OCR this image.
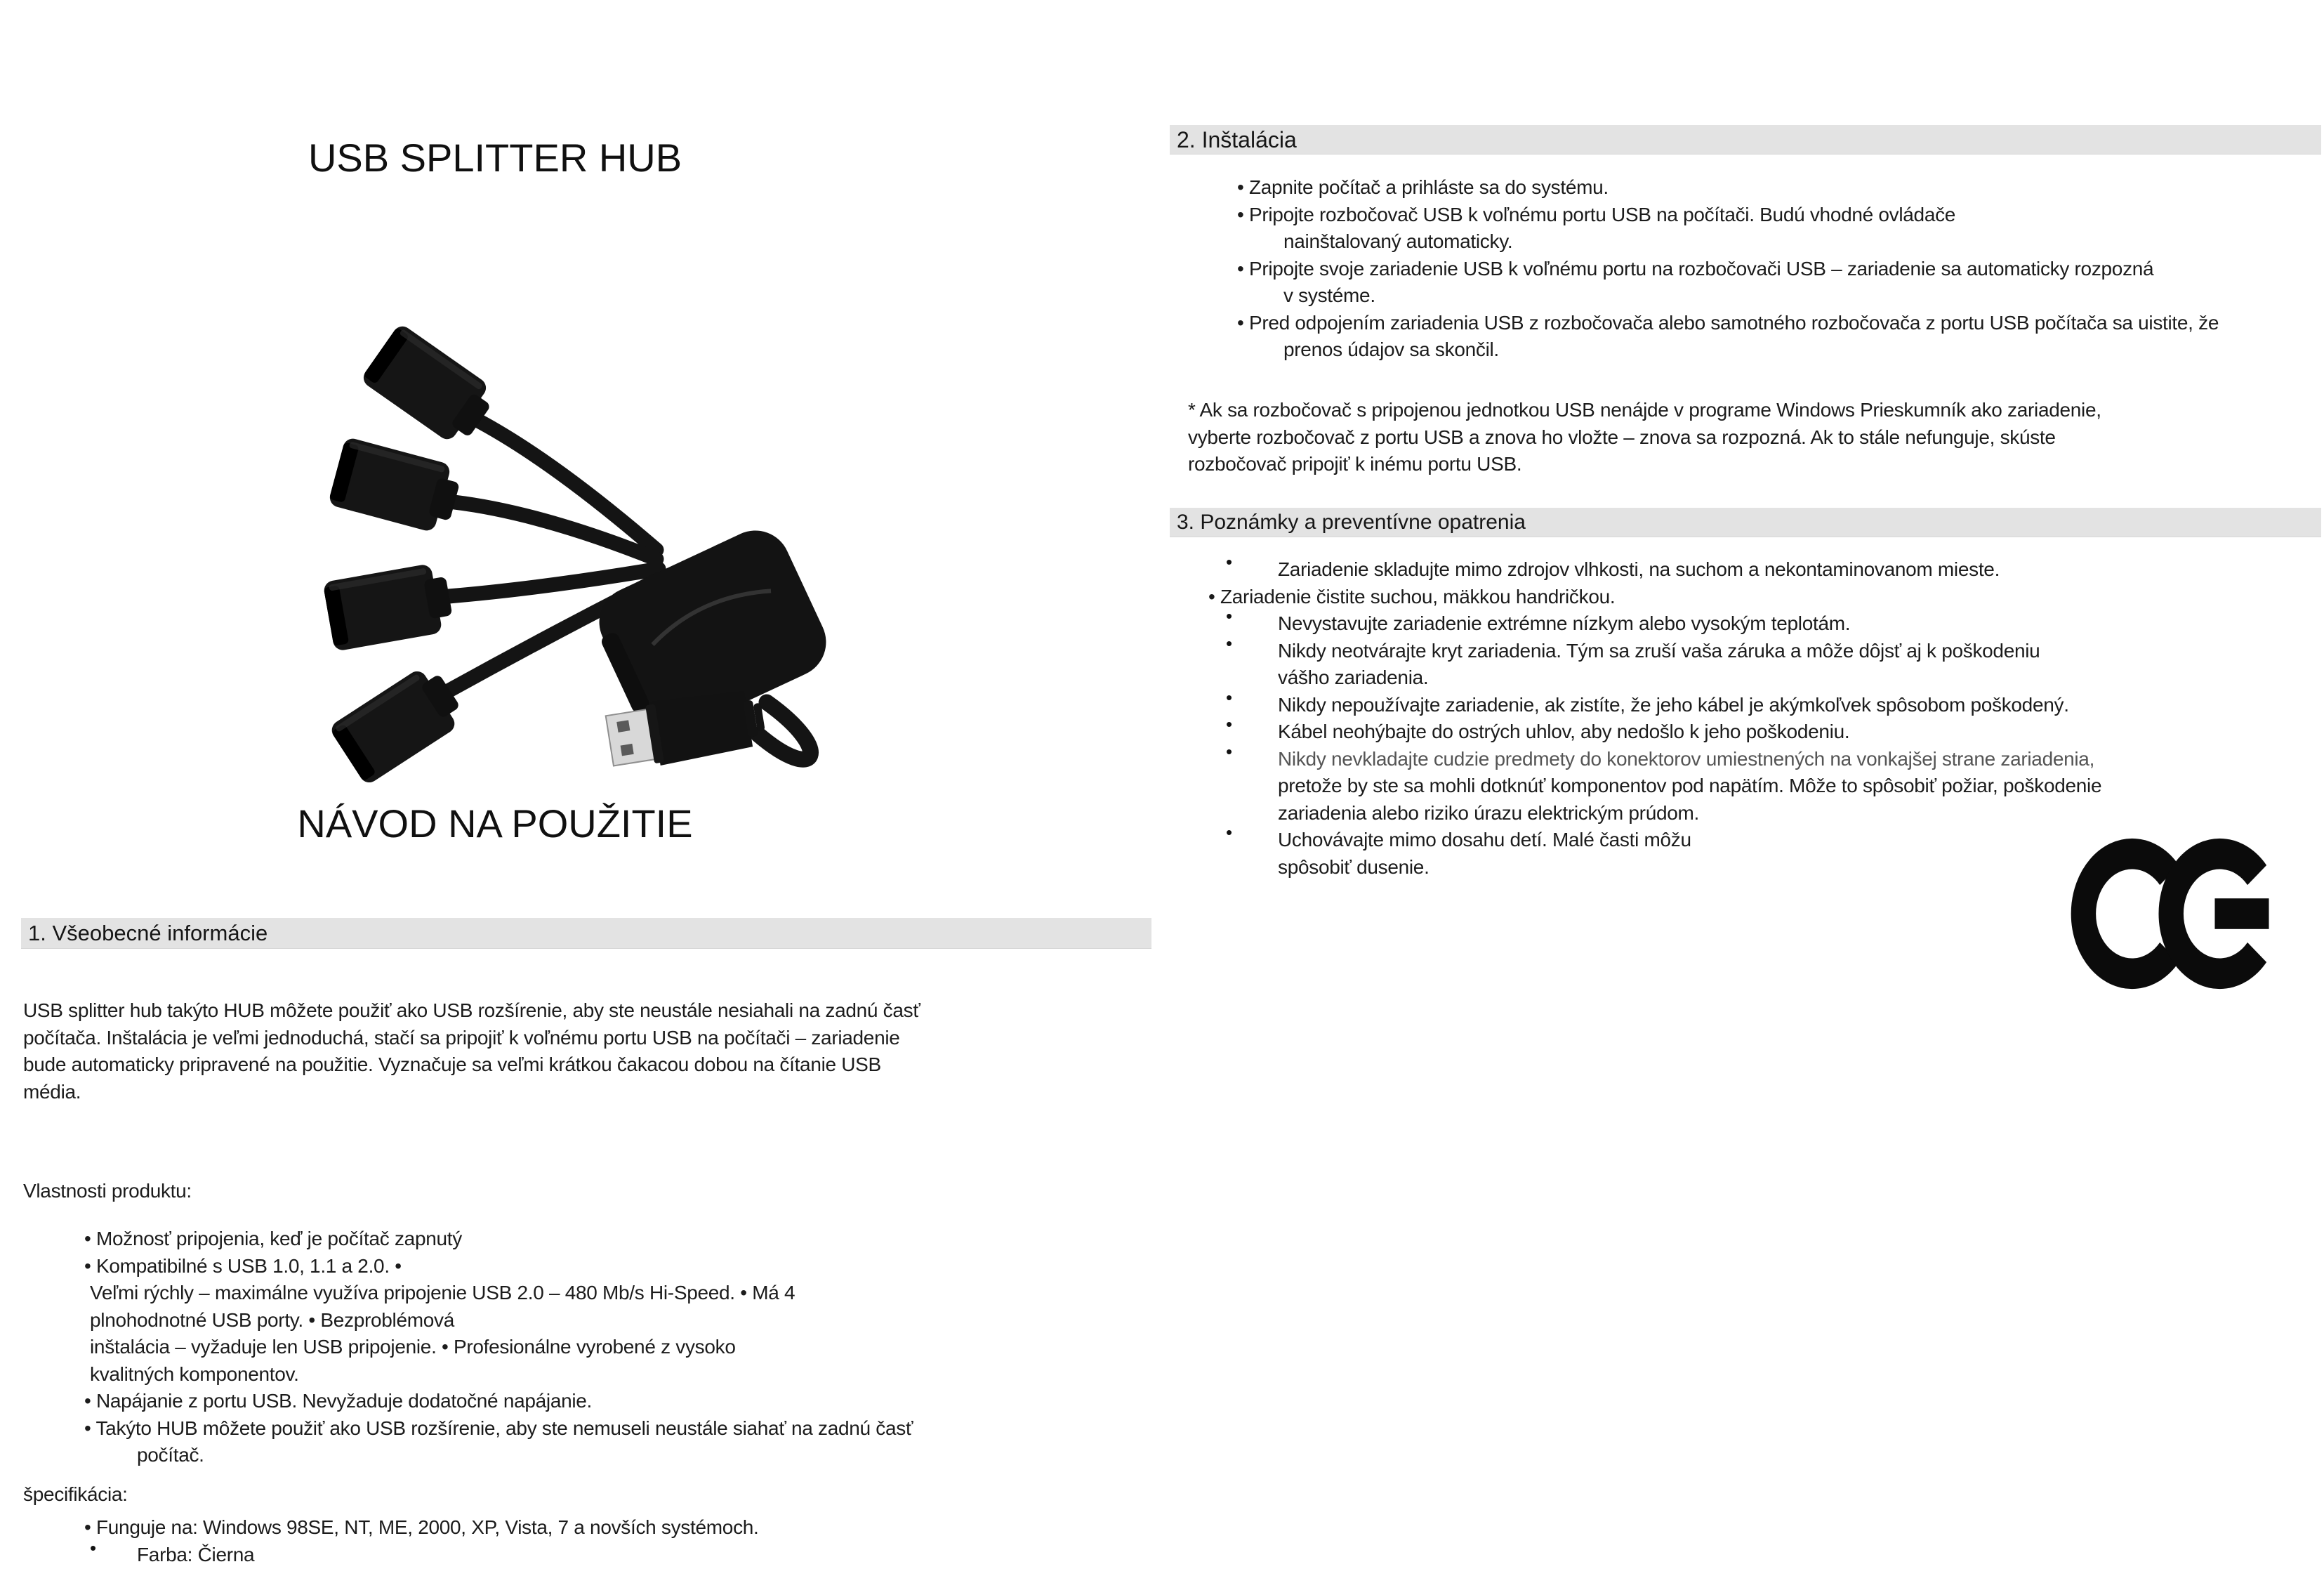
USB SPLITTER HUB
NÁVOD NA POUŽITIE
1. Všeobecné informácie
USB splitter hub takýto HUB môžete použiť ako USB rozšírenie, aby ste neustále nesiahali na zadnú časť
počítača. Inštalácia je veľmi jednoduchá, stačí sa pripojiť k voľnému portu USB na počítači – zariadenie
bude automaticky pripravené na použitie. Vyznačuje sa veľmi krátkou čakacou dobou na čítanie USB
média.
Vlastnosti produktu:
• Možnosť pripojenia, keď je počítač zapnutý
• Kompatibilné s USB 1.0, 1.1 a 2.0. •
Veľmi rýchly – maximálne využíva pripojenie USB 2.0 – 480 Mb/s Hi-Speed. • Má 4
plnohodnotné USB porty. • Bezproblémová
inštalácia – vyžaduje len USB pripojenie. • Profesionálne vyrobené z vysoko
kvalitných komponentov.
• Napájanie z portu USB. Nevyžaduje dodatočné napájanie.
• Takýto HUB môžete použiť ako USB rozšírenie, aby ste nemuseli neustále siahať na zadnú časť
počítač.
špecifikácia:
• Funguje na: Windows 98SE, NT, ME, 2000, XP, Vista, 7 a novších systémoch.
• Farba: Čierna
2. Inštalácia
• Zapnite počítač a prihláste sa do systému.
• Pripojte rozbočovač USB k voľnému portu USB na počítači. Budú vhodné ovládače
nainštalovaný automaticky.
• Pripojte svoje zariadenie USB k voľnému portu na rozbočovači USB – zariadenie sa automaticky rozpozná
v systéme.
• Pred odpojením zariadenia USB z rozbočovača alebo samotného rozbočovača z portu USB počítača sa uistite, že
prenos údajov sa skončil.
* Ak sa rozbočovač s pripojenou jednotkou USB nenájde v programe Windows Prieskumník ako zariadenie,
vyberte rozbočovač z portu USB a znova ho vložte – znova sa rozpozná. Ak to stále nefunguje, skúste
rozbočovač pripojiť k inému portu USB.
3. Poznámky a preventívne opatrenia
• Zariadenie skladujte mimo zdrojov vlhkosti, na suchom a nekontaminovanom mieste.
• Zariadenie čistite suchou, mäkkou handričkou.
• Nevystavujte zariadenie extrémne nízkym alebo vysokým teplotám.
• Nikdy neotvárajte kryt zariadenia. Tým sa zruší vaša záruka a môže dôjsť aj k poškodeniu
vášho zariadenia.
• Nikdy nepoužívajte zariadenie, ak zistíte, že jeho kábel je akýmkoľvek spôsobom poškodený.
• Kábel neohýbajte do ostrých uhlov, aby nedošlo k jeho poškodeniu.
• Nikdy nevkladajte cudzie predmety do konektorov umiestnených na vonkajšej strane zariadenia,
pretože by ste sa mohli dotknúť komponentov pod napätím. Môže to spôsobiť požiar, poškodenie
zariadenia alebo riziko úrazu elektrickým prúdom.
• Uchovávajte mimo dosahu detí. Malé časti môžu
spôsobiť dusenie.
